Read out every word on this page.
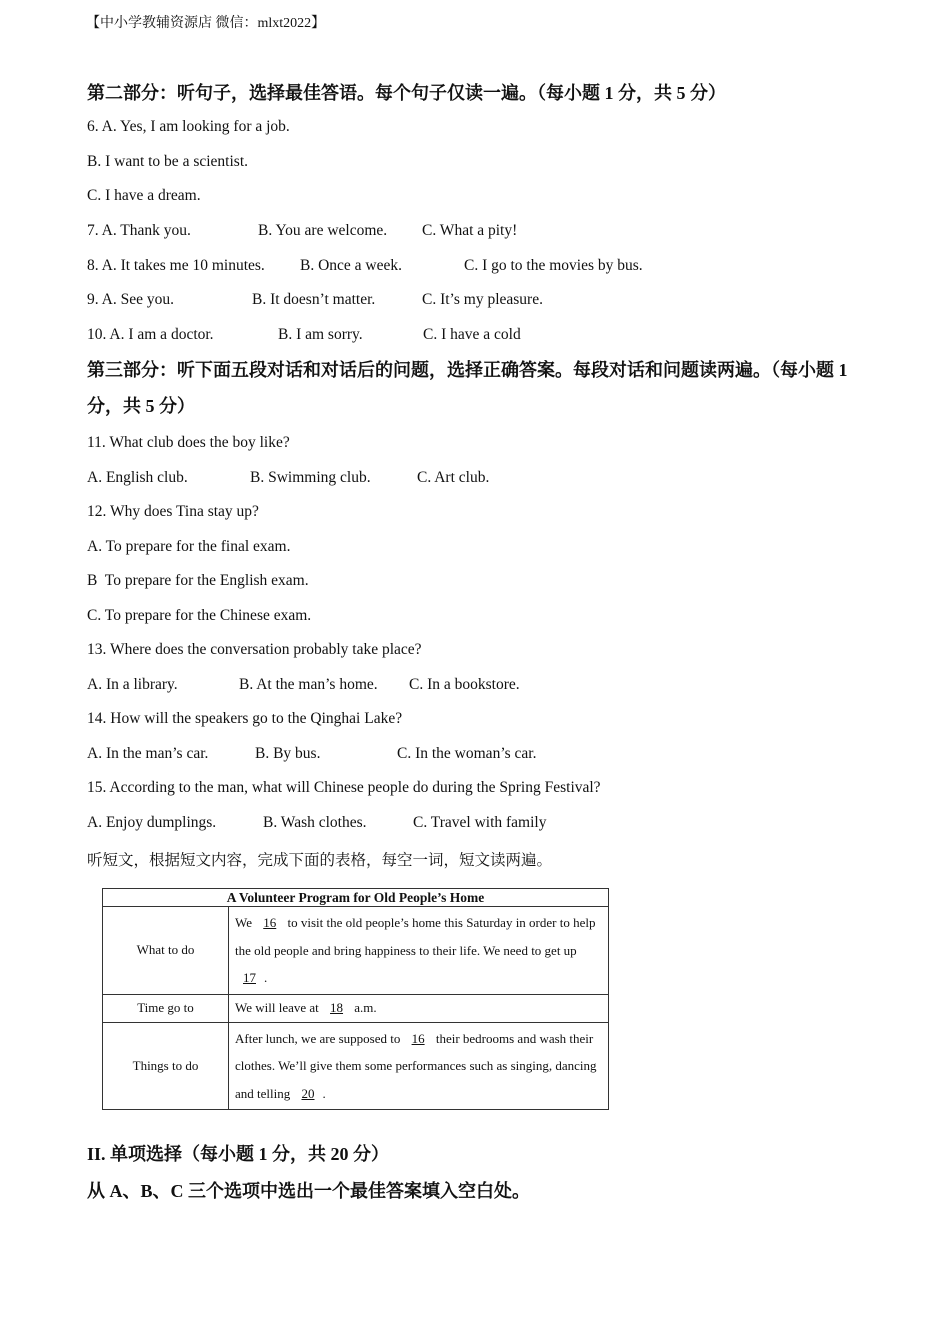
【中小学教辅资源店 微信：mlxt2022】
第二部分：听句子，选择最佳答语。每个句子仅读一遍。（每小题 1 分，共 5 分）
6. A. Yes, I am looking for a job.
B. I want to be a scientist.
C. I have a dream.
7. A. Thank you.	B. You are welcome. C. What a pity!
8. A. It takes me 10 minutes. B. Once a week.	C. I go to the movies by bus.
9. A. See you.	B. It doesn’t matter.	C. It’s my pleasure.
10. A. I am a doctor.	B. I am sorry.	C. I have a cold
第三部分：听下面五段对话和对话后的问题，选择正确答案。每段对话和问题读两遍。（每小题 1 分，共 5 分）
11. What club does the boy like?
A. English club.	B. Swimming club.	C. Art club.
12. Why does Tina stay up?
A. To prepare for the final exam.
B  To prepare for the English exam.
C. To prepare for the Chinese exam.
13. Where does the conversation probably take place?
A. In a library.	B. At the man’s home. C. In a bookstore.
14. How will the speakers go to the Qinghai Lake?
A. In the man’s car.	B. By bus.	C. In the woman’s car.
15. According to the man, what will Chinese people do during the Spring Festival?
A. Enjoy dumplings.	B. Wash clothes.	C. Travel with family
听短文，根据短文内容，完成下面的表格，每空一词，短文读两遍。
A Volunteer Program for Old People’s Home	
What to do	We 16 to visit the old people’s home this Saturday in order to help the old people and bring happiness to their life. We need to get up 17 .
Time go to	We will leave at 18 a.m.
Things to do	After lunch, we are supposed to 16 their bedrooms and wash their clothes. We’ll give them some performances such as singing, dancing and telling 20 .
II. 单项选择（每小题 1 分，共 20 分）
从 A、B、C 三个选项中选出一个最佳答案填入空白处。
